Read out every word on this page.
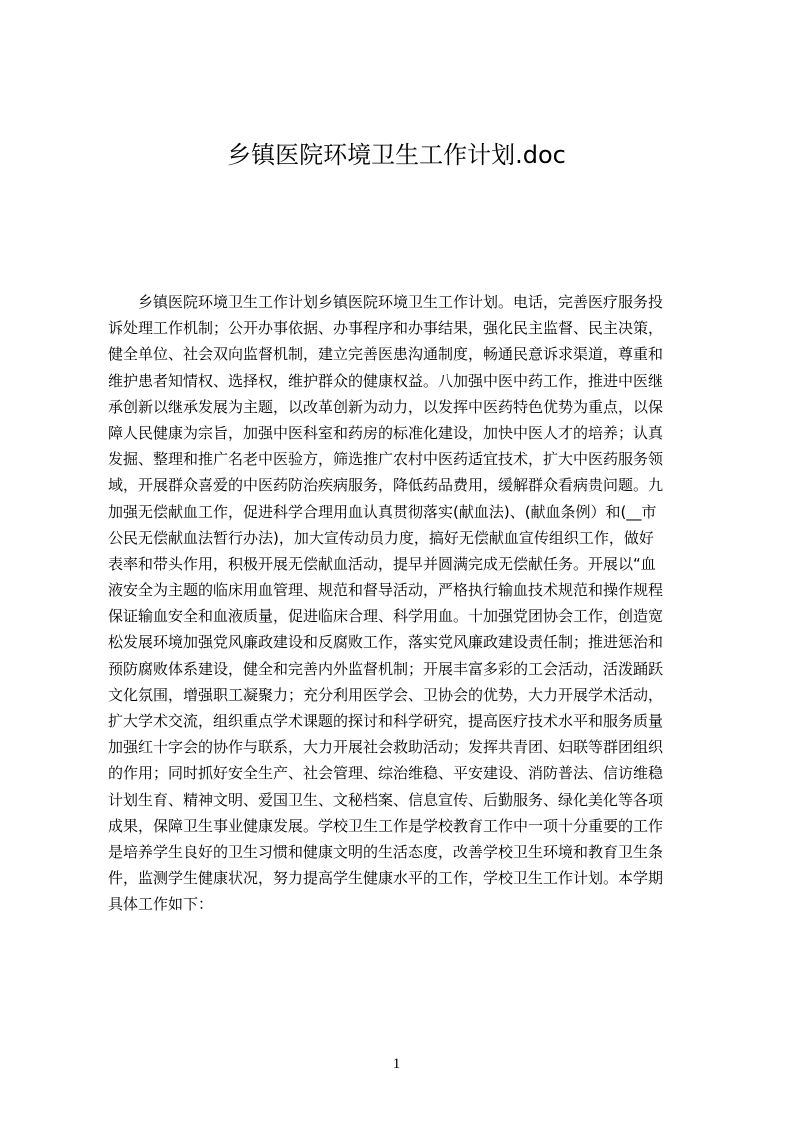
乡镇医院环境卫生工作计划.doc
　　乡镇医院环境卫生工作计划乡镇医院环境卫生工作计划。电话，完善医疗服务投
诉处理工作机制；公开办事依据、办事程序和办事结果，强化民主监督、民主决策，
健全单位、社会双向监督机制，建立完善医患沟通制度，畅通民意诉求渠道，尊重和
维护患者知情权、选择权，维护群众的健康权益。八加强中医中药工作，推进中医继
承创新以继承发展为主题，以改革创新为动力，以发挥中医药特色优势为重点，以保
障人民健康为宗旨，加强中医科室和药房的标准化建设，加快中医人才的培养；认真
发掘、整理和推广名老中医验方，筛选推广农村中医药适宜技术，扩大中医药服务领
域，开展群众喜爱的中医药防治疾病服务，降低药品费用，缓解群众看病贵问题。九
加强无偿献血工作，促进科学合理用血认真贯彻落实(献血法)、(献血条例）和(__市
公民无偿献血法暂行办法)，加大宣传动员力度，搞好无偿献血宣传组织工作，做好
表率和带头作用，积极开展无偿献血活动，提早并圆满完成无偿献任务。开展以“血
液安全为主题的临床用血管理、规范和督导活动，严格执行输血技术规范和操作规程
保证输血安全和血液质量，促进临床合理、科学用血。十加强党团协会工作，创造宽
松发展环境加强党风廉政建设和反腐败工作，落实党风廉政建设责任制；推进惩治和
预防腐败体系建设，健全和完善内外监督机制；开展丰富多彩的工会活动，活泼踊跃
文化氛围，增强职工凝聚力；充分利用医学会、卫协会的优势，大力开展学术活动，
扩大学术交流，组织重点学术课题的探讨和科学研究，提高医疗技术水平和服务质量
加强红十字会的协作与联系，大力开展社会救助活动；发挥共青团、妇联等群团组织
的作用；同时抓好安全生产、社会管理、综治维稳、平安建设、消防普法、信访维稳
计划生育、精神文明、爱国卫生、文秘档案、信息宣传、后勤服务、绿化美化等各项
成果，保障卫生事业健康发展。学校卫生工作是学校教育工作中一项十分重要的工作
是培养学生良好的卫生习惯和健康文明的生活态度，改善学校卫生环境和教育卫生条
件，监测学生健康状况，努力提高学生健康水平的工作，学校卫生工作计划。本学期
具体工作如下：
1
